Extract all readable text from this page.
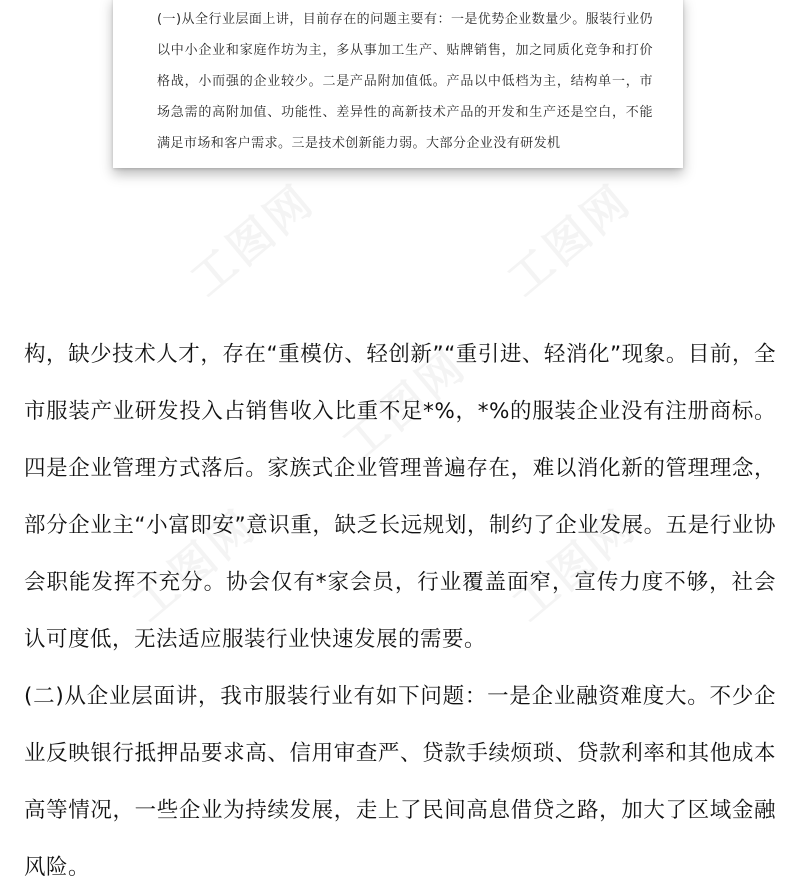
(一)从全行业层面上讲，目前存在的问题主要有：一是优势企业数量少。服装行业仍以中小企业和家庭作坊为主，多从事加工生产、贴牌销售，加之同质化竞争和打价格战，小而强的企业较少。二是产品附加值低。产品以中低档为主，结构单一，市场急需的高附加值、功能性、差异性的高新技术产品的开发和生产还是空白，不能满足市场和客户需求。三是技术创新能力弱。大部分企业没有研发机

工图网	工图网
工图网
工图网	工图网

构，缺少技术人才，存在“重模仿、轻创新”“重引进、轻消化”现象。目前，全市服装产业研发投入占销售收入比重不足*%，*%的服装企业没有注册商标。四是企业管理方式落后。家族式企业管理普遍存在，难以消化新的管理理念，部分企业主“小富即安”意识重，缺乏长远规划，制约了企业发展。五是行业协会职能发挥不充分。协会仅有*家会员，行业覆盖面窄，宣传力度不够，社会认可度低，无法适应服装行业快速发展的需要。

(二)从企业层面讲，我市服装行业有如下问题：一是企业融资难度大。不少企业反映银行抵押品要求高、信用审查严、贷款手续烦琐、贷款利率和其他成本高等情况，一些企业为持续发展，走上了民间高息借贷之路，加大了区域金融风险。
